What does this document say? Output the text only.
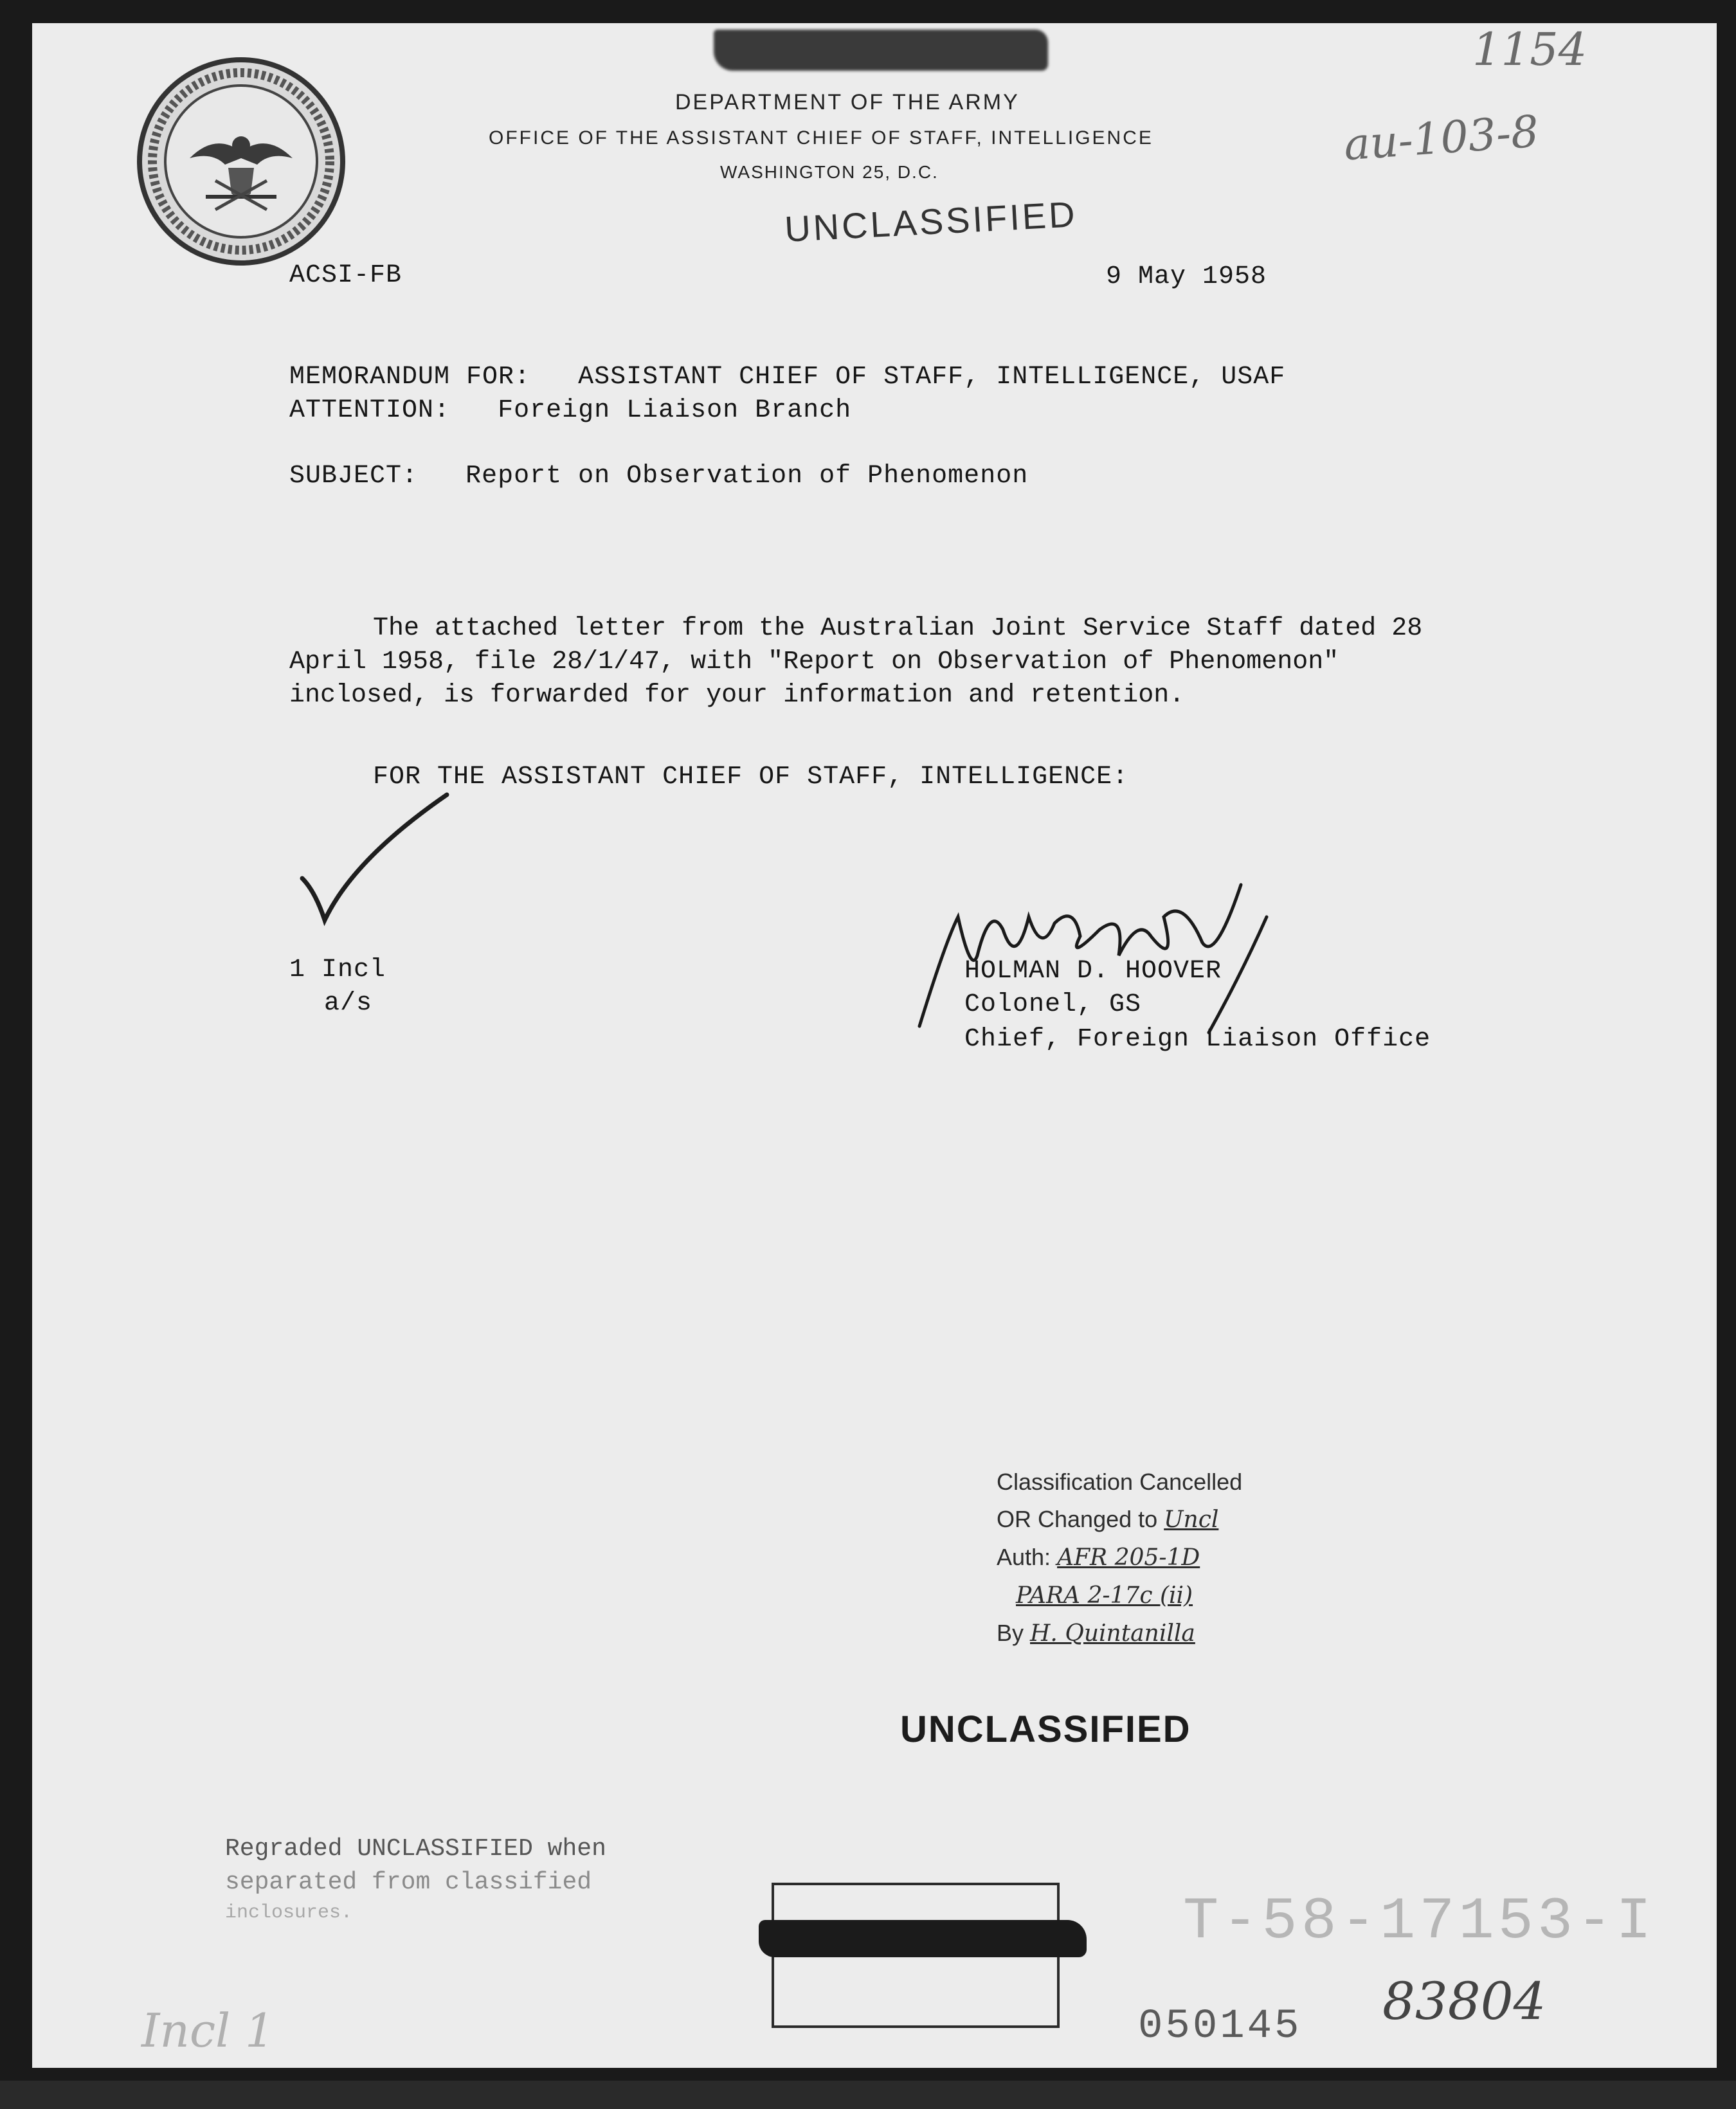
DEPARTMENT OF THE ARMY
OFFICE OF THE ASSISTANT CHIEF OF STAFF, INTELLIGENCE
WASHINGTON 25, D.C.
UNCLASSIFIED
1154
au-103-8
ACSI-FB	9 May 1958
MEMORANDUM FOR: ASSISTANT CHIEF OF STAFF, INTELLIGENCE, USAF
ATTENTION: Foreign Liaison Branch
SUBJECT: Report on Observation of Phenomenon
The attached letter from the Australian Joint Service Staff dated 28 April 1958, file 28/1/47, with "Report on Observation of Phenomenon" inclosed, is forwarded for your information and retention.
FOR THE ASSISTANT CHIEF OF STAFF, INTELLIGENCE:
1 Incl
a/s
HOLMAN D. HOOVER
Colonel, GS
Chief, Foreign Liaison Office
Classification Cancelled
OR Changed to Uncl
Auth: AFR 205-1D
PARA 2-17c (ii)
By H. Quintanilla
UNCLASSIFIED
Regraded UNCLASSIFIED when
separated from classified
inclosures.	T-58-17153-I
050145 83804
Incl 1
